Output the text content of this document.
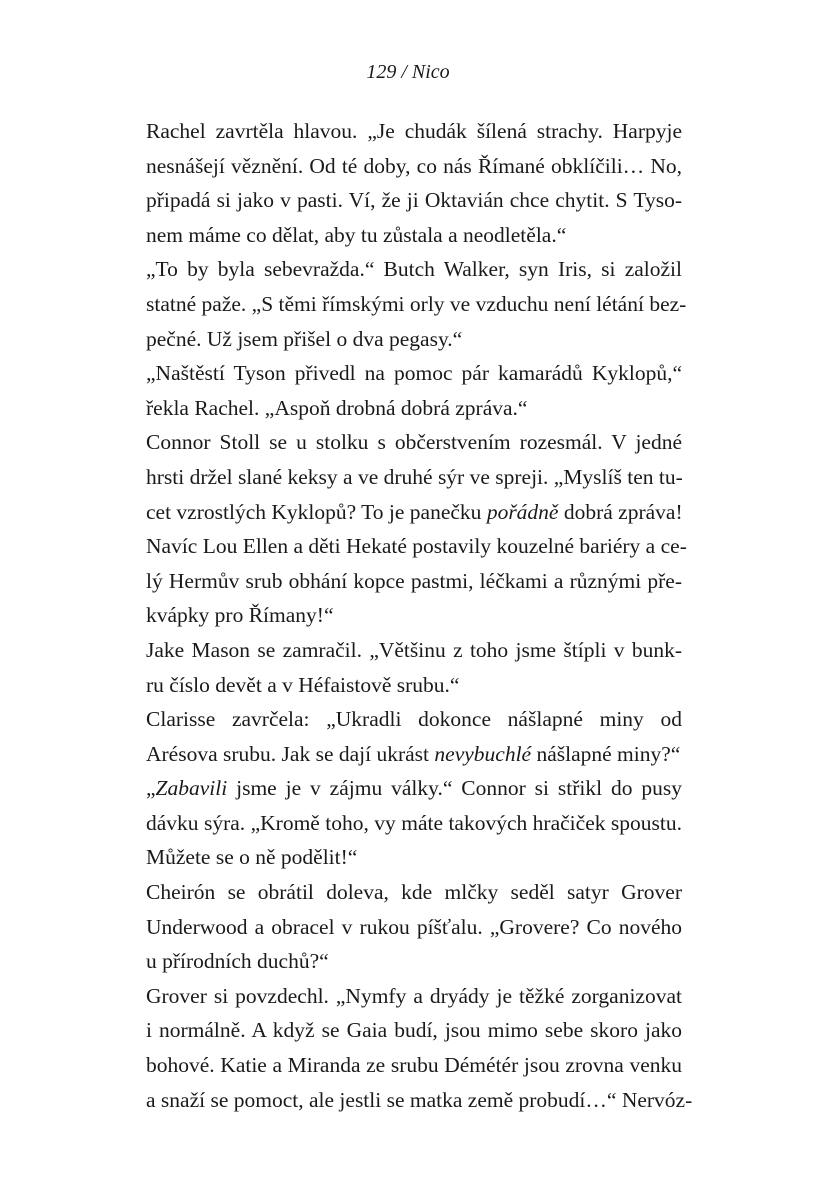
129 / Nico
Rachel zavrtěla hlavou. „Je chudák šílená strachy. Harpyje
nesnášejí věznění. Od té doby, co nás Římané obklíčili… No,
připadá si jako v pasti. Ví, že ji Oktavián chce chytit. S Tyso-
nem máme co dělat, aby tu zůstala a neodletěla.“
„To by byla sebevražda.“ Butch Walker, syn Iris, si založil
statné paže. „S těmi římskými orly ve vzduchu není létání bez-
pečné. Už jsem přišel o dva pegasy.“
„Naštěstí Tyson přivedl na pomoc pár kamarádů Kyklopů,“
řekla Rachel. „Aspoň drobná dobrá zpráva.“
Connor Stoll se u stolku s občerstvením rozesmál. V jedné
hrsti držel slané keksy a ve druhé sýr ve spreji. „Myslíš ten tu-
cet vzrostlých Kyklopů? To je panečku pořádně dobrá zpráva!
Navíc Lou Ellen a děti Hekaté postavily kouzelné bariéry a ce-
lý Hermův srub obhání kopce pastmi, léčkami a různými pře-
kvápky pro Římany!“
Jake Mason se zamračil. „Většinu z toho jsme štípli v bunk-
ru číslo devět a v Héfaistově srubu.“
Clarisse zavrčela: „Ukradli dokonce nášlapné miny od
Arésova srubu. Jak se dají ukrást nevybuchlé nášlapné miny?“
„Zabavili jsme je v zájmu války.“ Connor si střikl do pusy
dávku sýra. „Kromě toho, vy máte takových hračiček spoustu.
Můžete se o ně podělit!“
Cheirón se obrátil doleva, kde mlčky seděl satyr Grover
Underwood a obracel v rukou píšťalu. „Grovere? Co nového
u přírodních duchů?“
Grover si povzdechl. „Nymfy a dryády je těžké zorganizovat
i normálně. A když se Gaia budí, jsou mimo sebe skoro jako
bohové. Katie a Miranda ze srubu Démétér jsou zrovna venku
a snaží se pomoct, ale jestli se matka země probudí…“ Nervóz-
